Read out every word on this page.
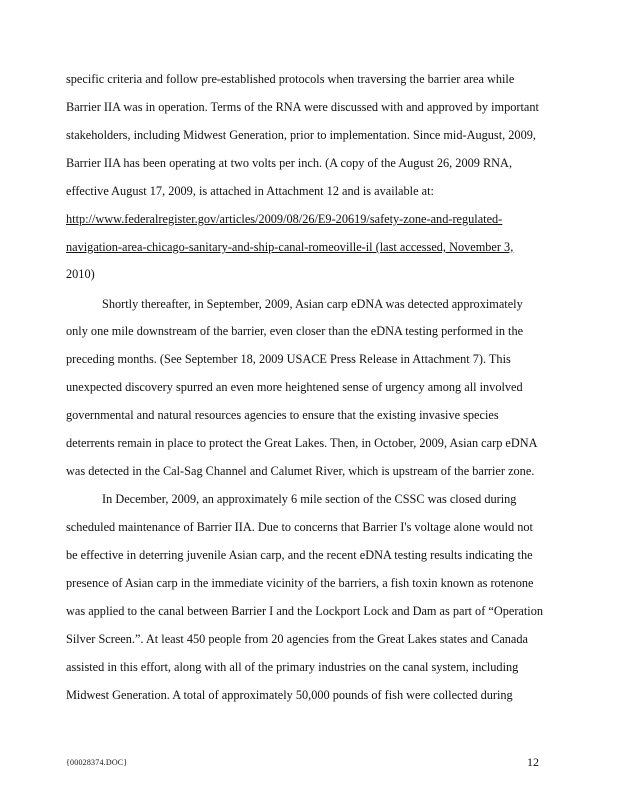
specific criteria and follow pre-established protocols when traversing the barrier area while
Barrier IIA was in operation. Terms of the RNA were discussed with and approved by important
stakeholders, including Midwest Generation, prior to implementation. Since mid-August, 2009,
Barrier IIA has been operating at two volts per inch. (A copy of the August 26, 2009 RNA,
effective August 17, 2009, is attached in Attachment 12 and is available at:
http://www.federalregister.gov/articles/2009/08/26/E9-20619/safety-zone-and-regulated-
navigation-area-chicago-sanitary-and-ship-canal-romeoville-il (last accessed, November 3,
2010)
Shortly thereafter, in September, 2009, Asian carp eDNA was detected approximately
only one mile downstream of the barrier, even closer than the eDNA testing performed in the
preceding months. (See September 18, 2009 USACE Press Release in Attachment 7). This
unexpected discovery spurred an even more heightened sense of urgency among all involved
governmental and natural resources agencies to ensure that the existing invasive species
deterrents remain in place to protect the Great Lakes. Then, in October, 2009, Asian carp eDNA
was detected in the Cal-Sag Channel and Calumet River, which is upstream of the barrier zone.
In December, 2009, an approximately 6 mile section of the CSSC was closed during
scheduled maintenance of Barrier IIA. Due to concerns that Barrier I's voltage alone would not
be effective in deterring juvenile Asian carp, and the recent eDNA testing results indicating the
presence of Asian carp in the immediate vicinity of the barriers, a fish toxin known as rotenone
was applied to the canal between Barrier I and the Lockport Lock and Dam as part of “Operation
Silver Screen.”. At least 450 people from 20 agencies from the Great Lakes states and Canada
assisted in this effort, along with all of the primary industries on the canal system, including
Midwest Generation. A total of approximately 50,000 pounds of fish were collected during
{00028374.DOC}	12
